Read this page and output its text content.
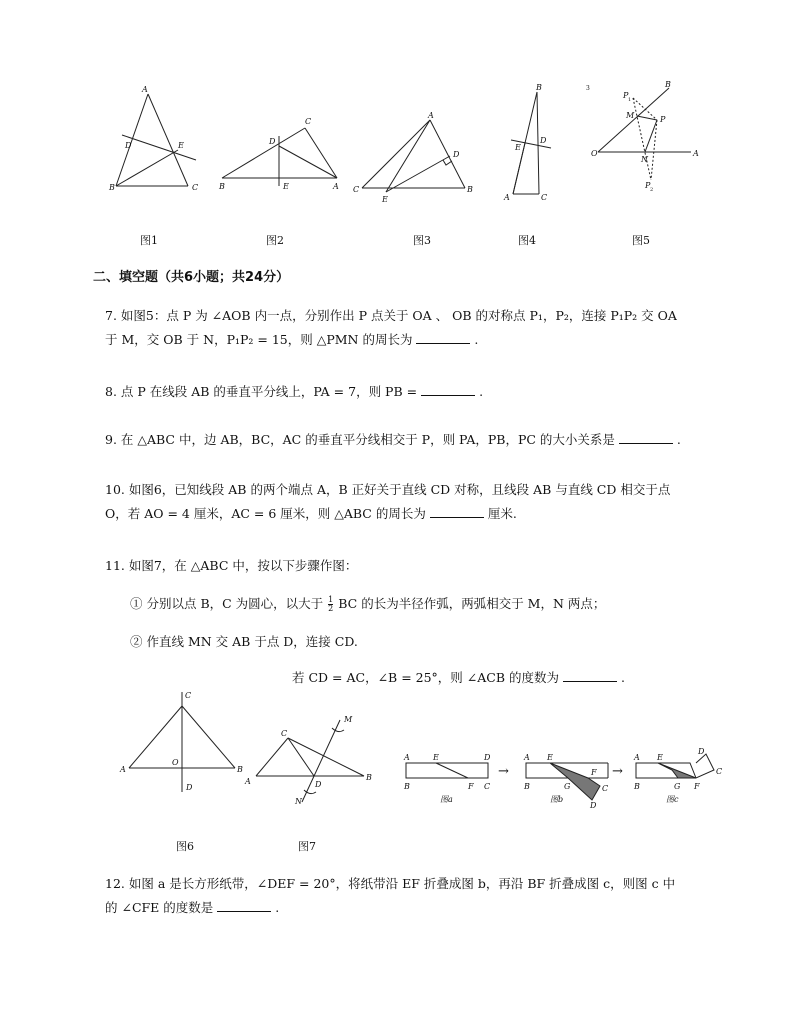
A
D	E
B	C
图1
D
C
B	E	A
图2
A
D
C
E
B
图3
B
E
D
A	C
图4
3	B
P 1
M	P
O
N
A
P 2
图5
二、填空题（共6小题；共24分）
7. 如图5：点 P 为 ∠AOB 内一点，分别作出 P 点关于 OA 、 OB 的对称点 P₁，P₂，连接 P₁P₂ 交 OA
于 M，交 OB 于 N，P₁P₂ = 15，则 △PMN 的周长为	.
8. 点 P 在线段 AB 的垂直平分线上，PA = 7，则 PB =	.
9. 在 △ABC 中，边 AB，BC，AC 的垂直平分线相交于 P，则 PA，PB，PC 的大小关系是	.
10. 如图6，已知线段 AB 的两个端点 A，B 正好关于直线 CD 对称，且线段 AB 与直线 CD 相交于点
O，若 AO = 4 厘米，AC = 6 厘米，则 △ABC 的周长为	厘米.
11. 如图7，在 △ABC 中，按以下步骤作图：
① 分别以点 B，C 为圆心，以大于 $\frac{1}{2}$ BC 的长为半径作弧，两弧相交于 M，N 两点；
② 作直线 MN 交 AB 于点 D，连接 CD.
若 CD = AC，∠B = 25°，则 ∠ACB 的度数为	.
C
A
O
B
D
图6
M
C
A	D
B
N
图7
A	E	D
B	F C
图a
→
A E
F
B	G	C
D
图b
→
A E
D
C
B	G F
图c
12. 如图 a 是长方形纸带，∠DEF = 20°，将纸带沿 EF 折叠成图 b，再沿 BF 折叠成图 c，则图 c 中
的 ∠CFE 的度数是	.
